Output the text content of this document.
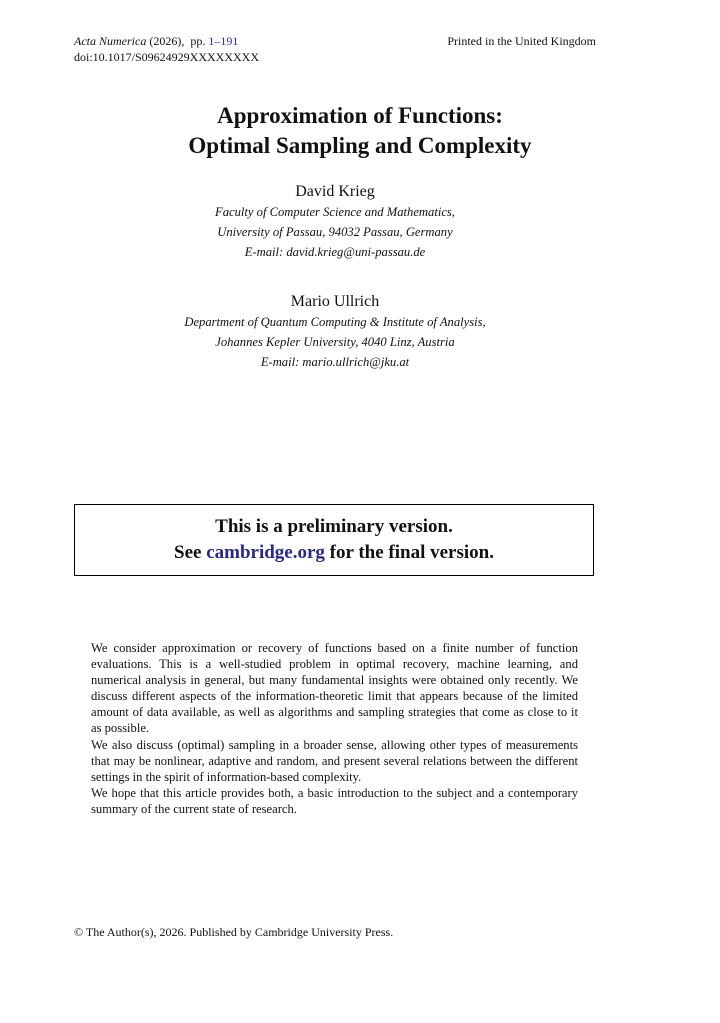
Acta Numerica (2026), pp. 1–191
doi:10.1017/S09624929XXXXXXXX
Printed in the United Kingdom
Approximation of Functions:
Optimal Sampling and Complexity
David Krieg
Faculty of Computer Science and Mathematics,
University of Passau, 94032 Passau, Germany
E-mail: david.krieg@uni-passau.de
Mario Ullrich
Department of Quantum Computing & Institute of Analysis,
Johannes Kepler University, 4040 Linz, Austria
E-mail: mario.ullrich@jku.at
This is a preliminary version.
See cambridge.org for the final version.

We consider approximation or recovery of functions based on a finite number of function evaluations. This is a well-studied problem in optimal recovery, machine learning, and numerical analysis in general, but many fundamental insights were obtained only recently. We discuss different aspects of the information-theoretic limit that appears because of the limited amount of data available, as well as algorithms and sampling strategies that come as close to it as possible.

We also discuss (optimal) sampling in a broader sense, allowing other types of measurements that may be nonlinear, adaptive and random, and present several relations between the different settings in the spirit of information-based complexity.

We hope that this article provides both, a basic introduction to the subject and a contemporary summary of the current state of research.

© The Author(s), 2026. Published by Cambridge University Press.
